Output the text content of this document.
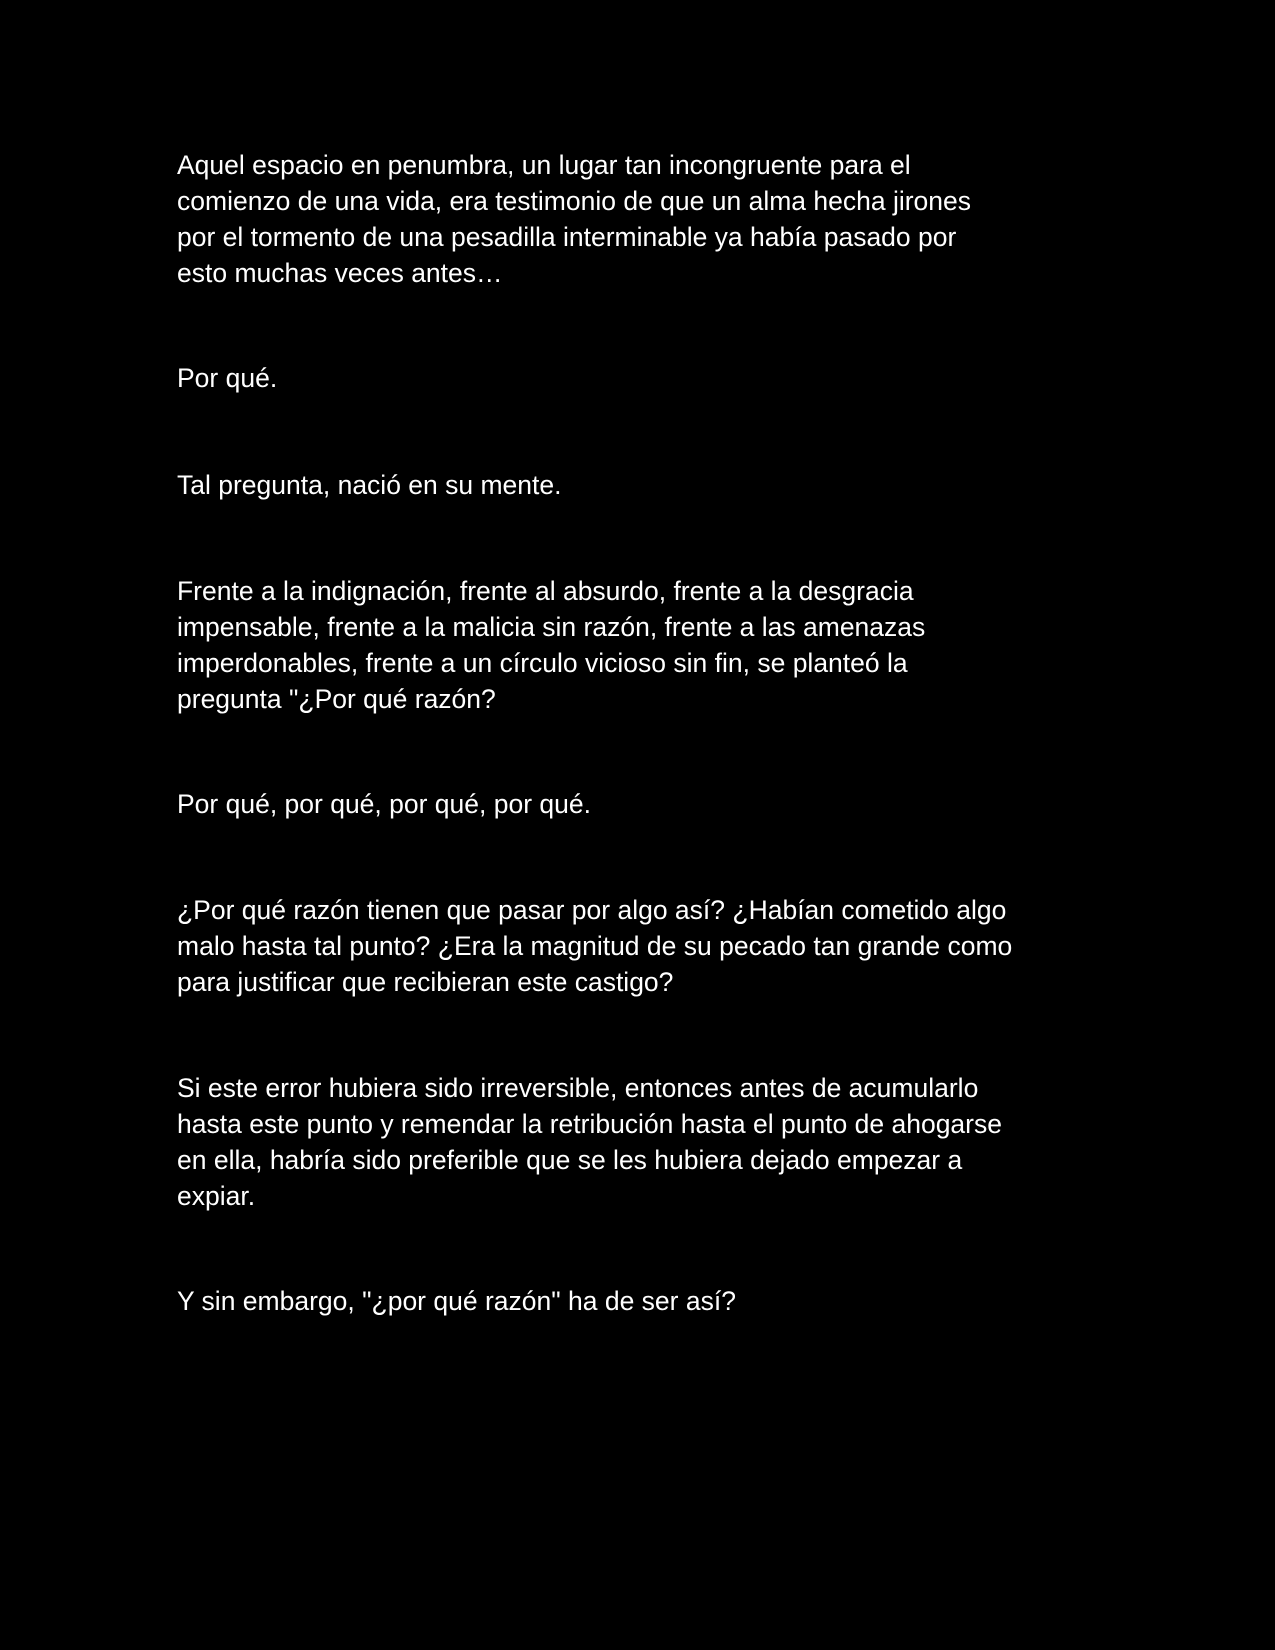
Aquel espacio en penumbra, un lugar tan incongruente para el
comienzo de una vida, era testimonio de que un alma hecha jirones
por el tormento de una pesadilla interminable ya había pasado por
esto muchas veces antes…

Por qué.

Tal pregunta, nació en su mente.

Frente a la indignación, frente al absurdo, frente a la desgracia
impensable, frente a la malicia sin razón, frente a las amenazas
imperdonables, frente a un círculo vicioso sin fin, se planteó la
pregunta "¿Por qué razón?

Por qué, por qué, por qué, por qué.

¿Por qué razón tienen que pasar por algo así? ¿Habían cometido algo
malo hasta tal punto? ¿Era la magnitud de su pecado tan grande como
para justificar que recibieran este castigo?

Si este error hubiera sido irreversible, entonces antes de acumularlo
hasta este punto y remendar la retribución hasta el punto de ahogarse
en ella, habría sido preferible que se les hubiera dejado empezar a
expiar.

Y sin embargo, "¿por qué razón" ha de ser así?
